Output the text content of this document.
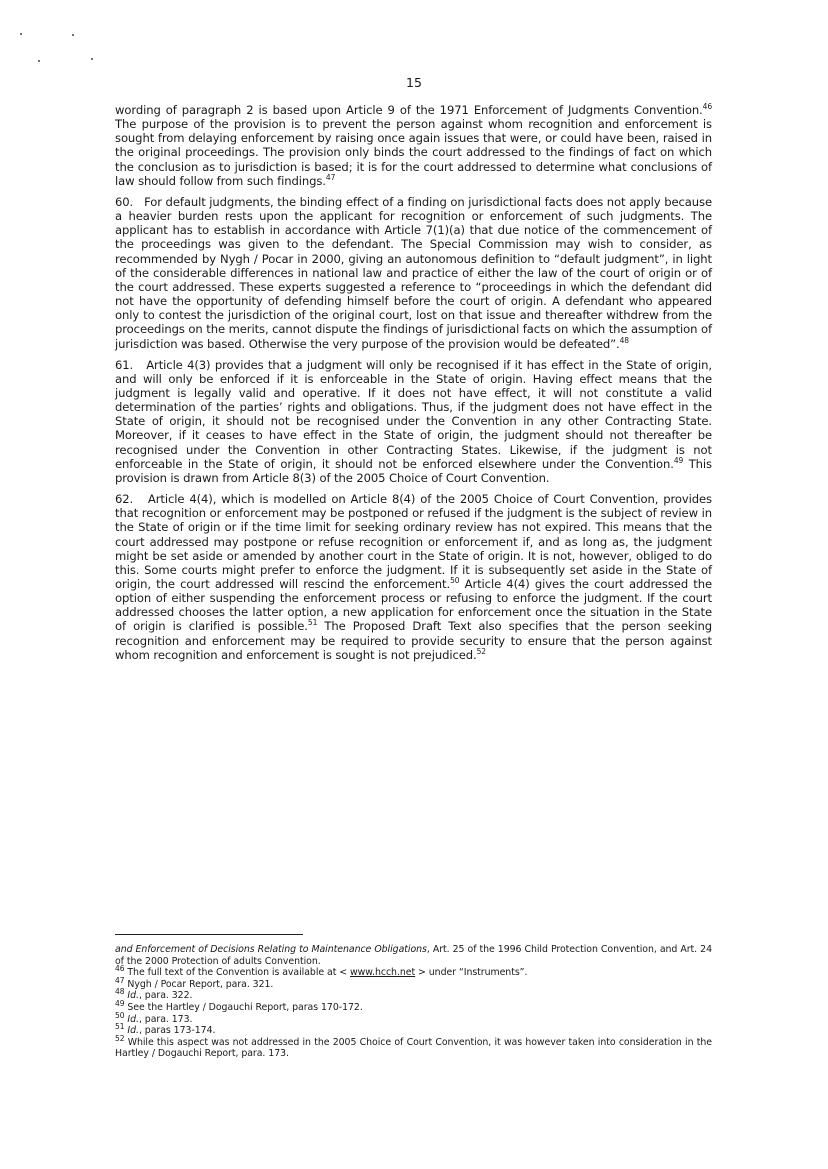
15

wording of paragraph 2 is based upon Article 9 of the 1971 Enforcement of Judgments Convention.$^{46}$ The purpose of the provision is to prevent the person against whom recognition and enforcement is sought from delaying enforcement by raising once again issues that were, or could have been, raised in the original proceedings. The provision only binds the court addressed to the findings of fact on which the conclusion as to jurisdiction is based; it is for the court addressed to determine what conclusions of law should follow from such findings.$^{47}$

60.   For default judgments, the binding effect of a finding on jurisdictional facts does not apply because a heavier burden rests upon the applicant for recognition or enforcement of such judgments. The applicant has to establish in accordance with Article 7(1)(a) that due notice of the commencement of the proceedings was given to the defendant. The Special Commission may wish to consider, as recommended by Nygh / Pocar in 2000, giving an autonomous definition to “default judgment”, in light of the considerable differences in national law and practice of either the law of the court of origin or of the court addressed. These experts suggested a reference to “proceedings in which the defendant did not have the opportunity of defending himself before the court of origin. A defendant who appeared only to contest the jurisdiction of the original court, lost on that issue and thereafter withdrew from the proceedings on the merits, cannot dispute the findings of jurisdictional facts on which the assumption of jurisdiction was based. Otherwise the very purpose of the provision would be defeated”.$^{48}$

61.   Article 4(3) provides that a judgment will only be recognised if it has effect in the State of origin, and will only be enforced if it is enforceable in the State of origin. Having effect means that the judgment is legally valid and operative. If it does not have effect, it will not constitute a valid determination of the parties’ rights and obligations. Thus, if the judgment does not have effect in the State of origin, it should not be recognised under the Convention in any other Contracting State. Moreover, if it ceases to have effect in the State of origin, the judgment should not thereafter be recognised under the Convention in other Contracting States. Likewise, if the judgment is not enforceable in the State of origin, it should not be enforced elsewhere under the Convention.$^{49}$ This provision is drawn from Article 8(3) of the 2005 Choice of Court Convention.

62.   Article 4(4), which is modelled on Article 8(4) of the 2005 Choice of Court Convention, provides that recognition or enforcement may be postponed or refused if the judgment is the subject of review in the State of origin or if the time limit for seeking ordinary review has not expired. This means that the court addressed may postpone or refuse recognition or enforcement if, and as long as, the judgment might be set aside or amended by another court in the State of origin. It is not, however, obliged to do this. Some courts might prefer to enforce the judgment. If it is subsequently set aside in the State of origin, the court addressed will rescind the enforcement.$^{50}$ Article 4(4) gives the court addressed the option of either suspending the enforcement process or refusing to enforce the judgment. If the court addressed chooses the latter option, a new application for enforcement once the situation in the State of origin is clarified is possible.$^{51}$ The Proposed Draft Text also specifies that the person seeking recognition and enforcement may be required to provide security to ensure that the person against whom recognition and enforcement is sought is not prejudiced.$^{52}$

and Enforcement of Decisions Relating to Maintenance Obligations, Art. 25 of the 1996 Child Protection Convention, and Art. 24 of the 2000 Protection of adults Convention.

$^{46}$ The full text of the Convention is available at < www.hcch.net > under “Instruments”.

$^{47}$ Nygh / Pocar Report, para. 321.

$^{48}$ Id., para. 322.

$^{49}$ See the Hartley / Dogauchi Report, paras 170-172.

$^{50}$ Id., para. 173.

$^{51}$ Id., paras 173-174.

$^{52}$ While this aspect was not addressed in the 2005 Choice of Court Convention, it was however taken into consideration in the Hartley / Dogauchi Report, para. 173.
